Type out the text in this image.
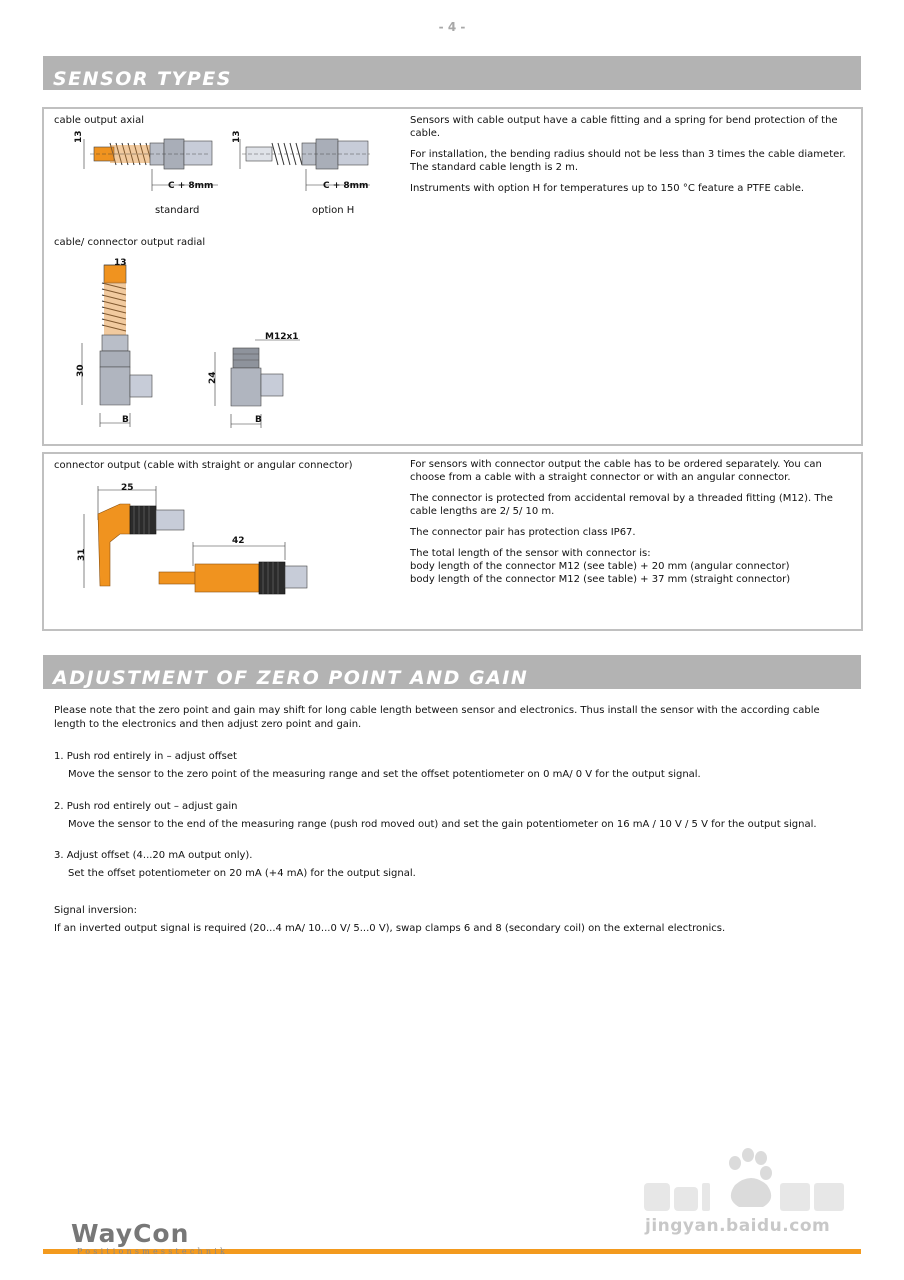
- 4 -
SENSOR TYPES
cable output axial
standard	option H
cable/ connector output radial

Sensors with cable output have a cable fitting and a spring for bend protection of the cable.

For installation, the bending radius should not be less than 3 times the cable diameter. The standard cable length is 2 m.

Instruments with option H for temperatures up to 150 °C feature a PTFE cable.

13
C + 8mm
13
C + 8mm
13
30
B
M12x1
24
B
connector output (cable with straight or angular connector)	For sensors with connector output the cable has to be ordered separately. You can choose from a cable with a straight connector or with an angular connector.

The connector is protected from accidental removal by a threaded fitting (M12). The cable lengths are 2/ 5/ 10 m.

The connector pair has protection class IP67.

The total length of the sensor with connector is:
body length of the connector M12 (see table) + 20 mm (angular connector)
body length of the connector M12 (see table) + 37 mm (straight connector)

25
31
42
ADJUSTMENT OF ZERO POINT AND GAIN
Please note that the zero point and gain may shift for long cable length between sensor and electronics. Thus install the sensor with the according cable length to the electronics and then adjust zero point and gain.

1. Push rod entirely in – adjust offset

Move the sensor to the zero point of the measuring range and set the offset potentiometer on 0 mA/ 0 V for the output signal.

2. Push rod entirely out – adjust gain

Move the sensor to the end of the measuring range (push rod moved out) and set the gain potentiometer on 16 mA / 10 V / 5 V for the output signal.

3. Adjust offset (4...20 mA output only).

Set the offset potentiometer on 20 mA (+4 mA) for the output signal.

Signal inversion:

If an inverted output signal is required (20...4 mA/ 10...0 V/ 5...0 V), swap clamps 6 and 8 (secondary coil) on the external electronics.

jingyan.baidu.com
WayCon
Positionsmesstechnik
